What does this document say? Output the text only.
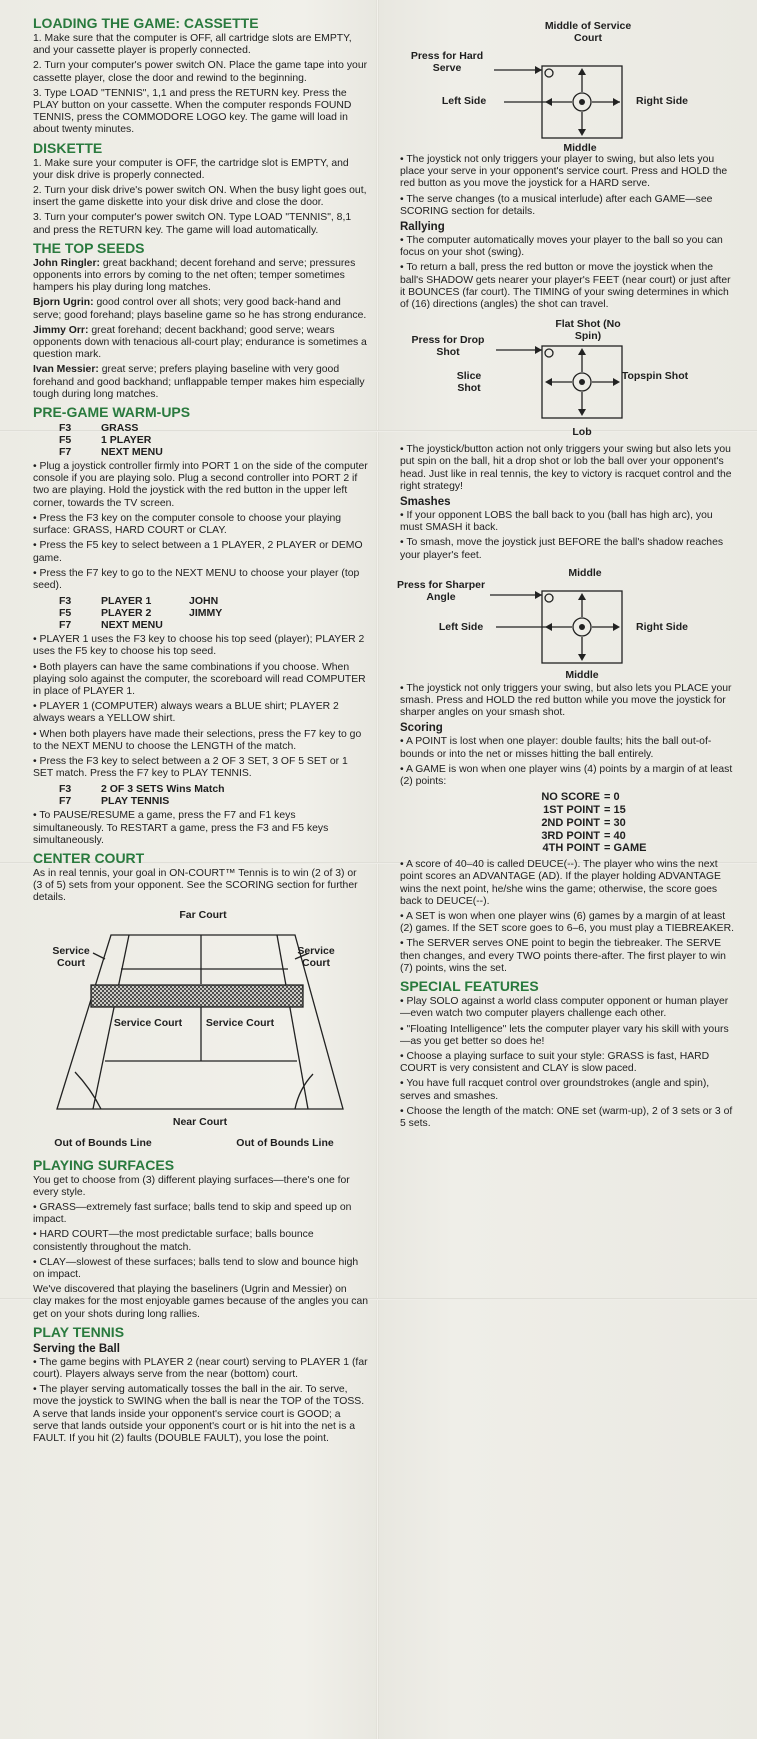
LOADING THE GAME: CASSETTE

1. Make sure that the computer is OFF, all cartridge slots are EMPTY, and your cassette player is properly connected.

2. Turn your computer's power switch ON. Place the game tape into your cassette player, close the door and rewind to the beginning.

3. Type LOAD "TENNIS", 1,1 and press the RETURN key. Press the PLAY button on your cassette. When the computer responds FOUND TENNIS, press the COMMODORE LOGO key. The game will load in about twenty minutes.

DISKETTE

1. Make sure your computer is OFF, the cartridge slot is EMPTY, and your disk drive is properly connected.

2. Turn your disk drive's power switch ON. When the busy light goes out, insert the game diskette into your disk drive and close the door.

3. Turn your computer's power switch ON. Type LOAD "TENNIS", 8,1 and press the RETURN key. The game will load automatically.

THE TOP SEEDS

John Ringler: great backhand; decent forehand and serve; pressures opponents into errors by coming to the net often; temper sometimes hampers his play during long matches.

Bjorn Ugrin: good control over all shots; very good back-hand and serve; good forehand; plays baseline game so he has strong endurance.

Jimmy Orr: great forehand; decent backhand; good serve; wears opponents down with tenacious all-court play; endurance is sometimes a question mark.

Ivan Messier: great serve; prefers playing baseline with very good forehand and good backhand; unflappable temper makes him especially tough during long matches.

PRE-GAME WARM-UPS
F3	GRASS
F5	1 PLAYER
F7	NEXT MENU

• Plug a joystick controller firmly into PORT 1 on the side of the computer console if you are playing solo. Plug a second controller into PORT 2 if two are playing. Hold the joystick with the red button in the upper left corner, towards the TV screen.

• Press the F3 key on the computer console to choose your playing surface: GRASS, HARD COURT or CLAY.

• Press the F5 key to select between a 1 PLAYER, 2 PLAYER or DEMO game.

• Press the F7 key to go to the NEXT MENU to choose your player (top seed).

F3	PLAYER 1	JOHN
F5	PLAYER 2	JIMMY
F7	NEXT MENU

• PLAYER 1 uses the F3 key to choose his top seed (player); PLAYER 2 uses the F5 key to choose his top seed.

• Both players can have the same combinations if you choose. When playing solo against the computer, the scoreboard will read COMPUTER in place of PLAYER 1.

• PLAYER 1 (COMPUTER) always wears a BLUE shirt; PLAYER 2 always wears a YELLOW shirt.

• When both players have made their selections, press the F7 key to go to the NEXT MENU to choose the LENGTH of the match.

• Press the F3 key to select between a 2 OF 3 SET, 3 OF 5 SET or 1 SET match. Press the F7 key to PLAY TENNIS.

F3	2 OF 3 SETS Wins Match
F7	PLAY TENNIS

• To PAUSE/RESUME a game, press the F7 and F1 keys simultaneously. To RESTART a game, press the F3 and F5 keys simultaneously.

CENTER COURT

As in real tennis, your goal in ON-COURT™ Tennis is to win (2 of 3) or (3 of 5) sets from your opponent. See the SCORING section for further details.

Far Court
Service Court
Service Court
Service Court Service Court
Near Court
Out of Bounds Line	Out of Bounds Line
PLAYING SURFACES

You get to choose from (3) different playing surfaces—there's one for every style.

• GRASS—extremely fast surface; balls tend to skip and speed up on impact.

• HARD COURT—the most predictable surface; balls bounce consistently throughout the match.

• CLAY—slowest of these surfaces; balls tend to slow and bounce high on impact.

We've discovered that playing the baseliners (Ugrin and Messier) on clay makes for the most enjoyable games because of the angles you can get on your shots during long rallies.

PLAY TENNIS
Serving the Ball

• The game begins with PLAYER 2 (near court) serving to PLAYER 1 (far court). Players always serve from the near (bottom) court.

• The player serving automatically tosses the ball in the air. To serve, move the joystick to SWING when the ball is near the TOP of the TOSS. A serve that lands inside your opponent's service court is GOOD; a serve that lands outside your opponent's court or is hit into the net is a FAULT. If you hit (2) faults (DOUBLE FAULT), you lose the point.

Middle of Service Court
Press for Hard Serve
Left Side	Right Side
Middle

• The joystick not only triggers your player to swing, but also lets you place your serve in your opponent's service court. Press and HOLD the red button as you move the joystick for a HARD serve.

• The serve changes (to a musical interlude) after each GAME—see SCORING section for details.

Rallying

• The computer automatically moves your player to the ball so you can focus on your shot (swing).

• To return a ball, press the red button or move the joystick when the ball's SHADOW gets nearer your player's FEET (near court) or just after it BOUNCES (far court). The TIMING of your swing determines in which of (16) directions (angles) the shot can travel.

Flat Shot (No Spin)
Press for Drop Shot
Slice Shot
Topspin Shot
Lob

• The joystick/button action not only triggers your swing but also lets you put spin on the ball, hit a drop shot or lob the ball over your opponent's head. Just like in real tennis, the key to victory is racquet control and the right strategy!

Smashes

• If your opponent LOBS the ball back to you (ball has high arc), you must SMASH it back.

• To smash, move the joystick just BEFORE the ball's shadow reaches your player's feet.

Middle
Press for Sharper Angle
Left Side	Right Side
Middle

• The joystick not only triggers your swing, but also lets you PLACE your smash. Press and HOLD the red button while you move the joystick for sharper angles on your smash shot.

Scoring

• A POINT is lost when one player: double faults; hits the ball out-of-bounds or into the net or misses hitting the ball entirely.

• A GAME is won when one player wins (4) points by a margin of at least (2) points:

NO SCORE = 0
1ST POINT = 15
2ND POINT = 30
3RD POINT = 40
4TH POINT = GAME

• A score of 40–40 is called DEUCE(--). The player who wins the next point scores an ADVANTAGE (AD). If the player holding ADVANTAGE wins the next point, he/she wins the game; otherwise, the score goes back to DEUCE(--).

• A SET is won when one player wins (6) games by a margin of at least (2) games. If the SET score goes to 6–6, you must play a TIEBREAKER.

• The SERVER serves ONE point to begin the tiebreaker. The SERVE then changes, and every TWO points there-after. The first player to win (7) points, wins the set.

SPECIAL FEATURES

• Play SOLO against a world class computer opponent or human player—even watch two computer players challenge each other.

• "Floating Intelligence" lets the computer player vary his skill with yours—as you get better so does he!

• Choose a playing surface to suit your style: GRASS is fast, HARD COURT is very consistent and CLAY is slow paced.

• You have full racquet control over groundstrokes (angle and spin), serves and smashes.

• Choose the length of the match: ONE set (warm-up), 2 of 3 sets or 3 of 5 sets.
